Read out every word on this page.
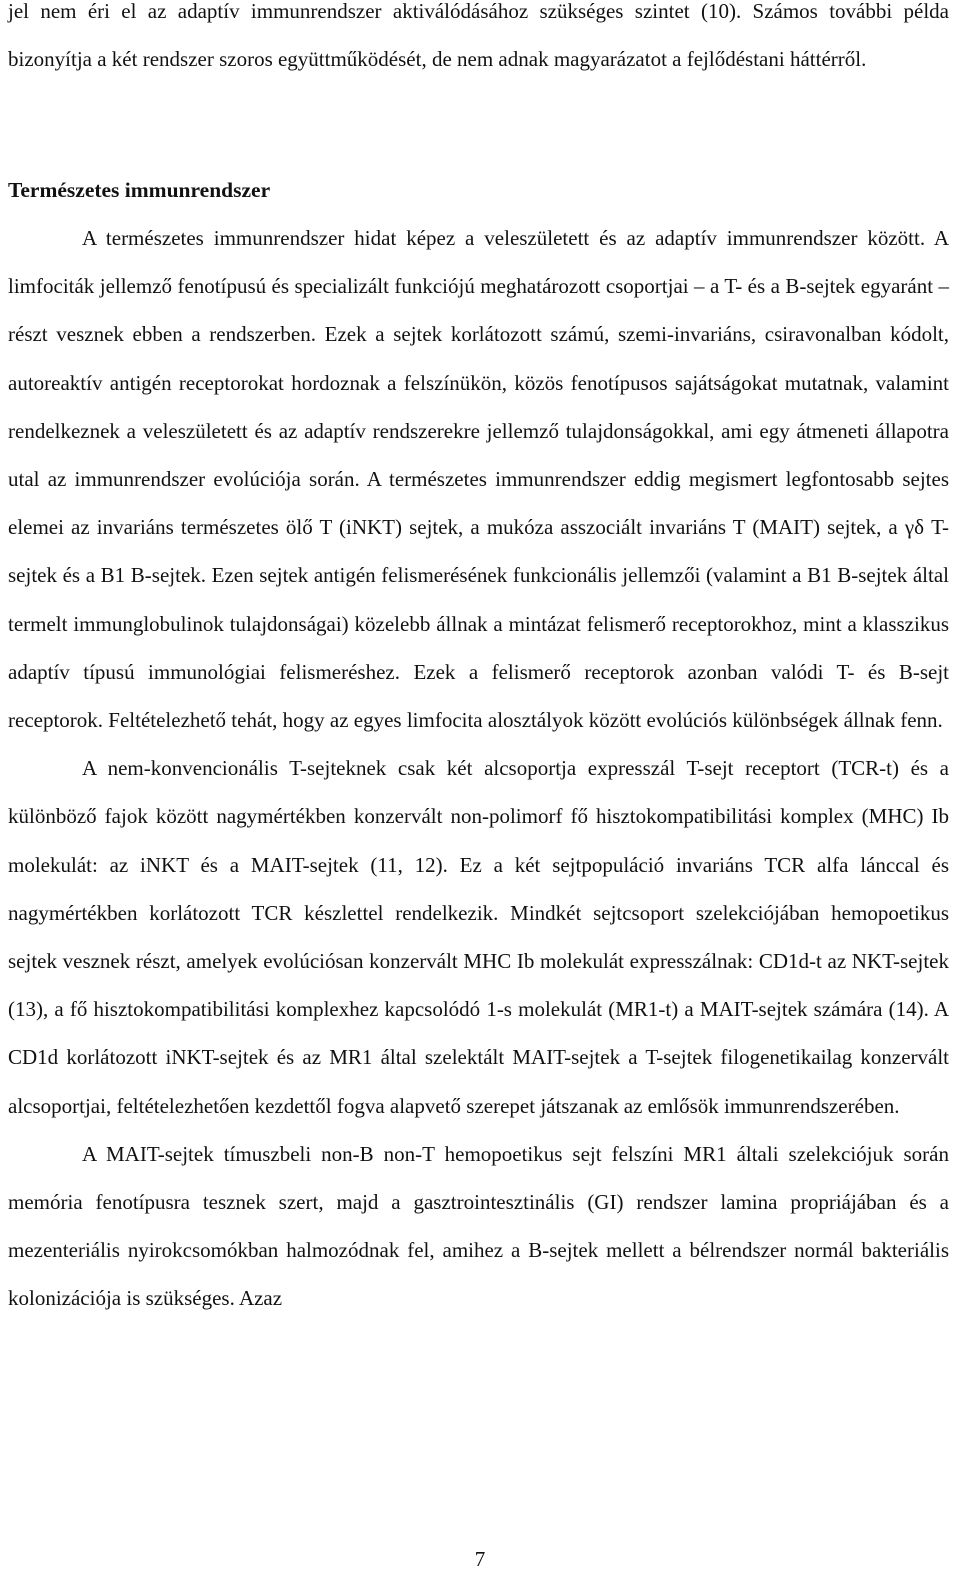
jel nem éri el az adaptív immunrendszer aktiválódásához szükséges szintet (10). Számos további példa bizonyítja a két rendszer szoros együttműködését, de nem adnak magyarázatot a fejlődéstani háttérről.

Természetes immunrendszer

A természetes immunrendszer hidat képez a veleszületett és az adaptív immunrendszer között. A limfociták jellemző fenotípusú és specializált funkciójú meghatározott csoportjai – a T- és a B-sejtek egyaránt – részt vesznek ebben a rendszerben. Ezek a sejtek korlátozott számú, szemi-invariáns, csiravonalban kódolt, autoreaktív antigén receptorokat hordoznak a felszínükön, közös fenotípusos sajátságokat mutatnak, valamint rendelkeznek a veleszületett és az adaptív rendszerekre jellemző tulajdonságokkal, ami egy átmeneti állapotra utal az immunrendszer evolúciója során. A természetes immunrendszer eddig megismert legfontosabb sejtes elemei az invariáns természetes ölő T (iNKT) sejtek, a mukóza asszociált invariáns T (MAIT) sejtek, a γδ T-sejtek és a B1 B-sejtek. Ezen sejtek antigén felismerésének funkcionális jellemzői (valamint a B1 B-sejtek által termelt immunglobulinok tulajdonságai) közelebb állnak a mintázat felismerő receptorokhoz, mint a klasszikus adaptív típusú immunológiai felismeréshez. Ezek a felismerő receptorok azonban valódi T- és B-sejt receptorok. Feltételezhető tehát, hogy az egyes limfocita alosztályok között evolúciós különbségek állnak fenn.

A nem-konvencionális T-sejteknek csak két alcsoportja expresszál T-sejt receptort (TCR-t) és a különböző fajok között nagymértékben konzervált non-polimorf fő hisztokompatibilitási komplex (MHC) Ib molekulát: az iNKT és a MAIT-sejtek (11, 12). Ez a két sejtpopuláció invariáns TCR alfa lánccal és nagymértékben korlátozott TCR készlettel rendelkezik. Mindkét sejtcsoport szelekciójában hemopoetikus sejtek vesznek részt, amelyek evolúciósan konzervált MHC Ib molekulát expresszálnak: CD1d-t az NKT-sejtek (13), a fő hisztokompatibilitási komplexhez kapcsolódó 1-s molekulát (MR1-t) a MAIT-sejtek számára (14). A CD1d korlátozott iNKT-sejtek és az MR1 által szelektált MAIT-sejtek a T-sejtek filogenetikailag konzervált alcsoportjai, feltételezhetően kezdettől fogva alapvető szerepet játszanak az emlősök immunrendszerében.

A MAIT-sejtek tímuszbeli non-B non-T hemopoetikus sejt felszíni MR1 általi szelekciójuk során memória fenotípusra tesznek szert, majd a gasztrointesztinális (GI) rendszer lamina propriájában és a mezenteriális nyirokcsomókban halmozódnak fel, amihez a B-sejtek mellett a bélrendszer normál bakteriális kolonizációja is szükséges. Azaz

7
